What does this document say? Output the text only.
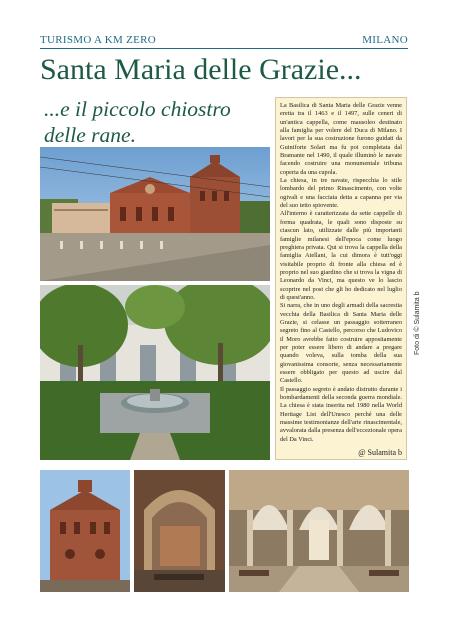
TURISMO A KM ZERO	MILANO
Santa Maria delle Grazie...
...e il piccolo chiostro delle rane.

La Basilica di Santa Maria delle Grazie venne eretta tra il 1463 e il 1497, sulle ceneri di un'antica cappella, come mausoleo destinato alla famiglia per volere del Duca di Milano. I lavori per la sua costruzione furono guidati da Guiniforte Solari ma fu poi completata dal Bramante nel 1490, il quale illuminò le navate facendo costruire una monumentale tribuna coperta da una cupola.

La chiesa, in tre navate, rispecchia lo stile lombardo del primo Rinascimento, con volte ogivali e una facciata detta a capanna per via del suo tetto spiovente.

All'interno è caratterizzata da sette cappelle di forma quadrata, le quali sono disposte su ciascun lato, utilizzate dalle più importanti famiglie milanesi dell'epoca come luogo preghiera privata. Qui si trova la cappella della famiglia Atellani, la cui dimora è tutt'oggi visitabile proprio di fronte alla chiesa ed è proprio nel suo giardino che si trova la vigna di Leonardo da Vinci, ma questo ve lo lascio scoprire nel post che gli ho dedicato nel luglio di quest'anno.

Si narra, che in uno degli armadi della sacrestia vecchia della Basilica di Santa Maria delle Grazie, si celasse un passaggio sotterraneo segreto fino al Castello, percorso che Ludovico il Moro avrebbe fatto costruire appositamente per poter essere libero di andare a pregare quando voleva, sulla tomba della sua giovanissima consorte, senza necessariamente essere obbligato per questo ad uscire dal Castello.

Il passaggio segreto è andato distrutto durante i bombardamenti della seconda guerra mondiale. La chiesa è stata inserita nel 1980 nella World Heritage List dell'Unesco perché una delle massime testimonianze dell'arte rinascimentale, avvalorata dalla presenza dell'eccezionale opera del Da Vinci.

@ Sulamita b
Foto di © Sulamita b
